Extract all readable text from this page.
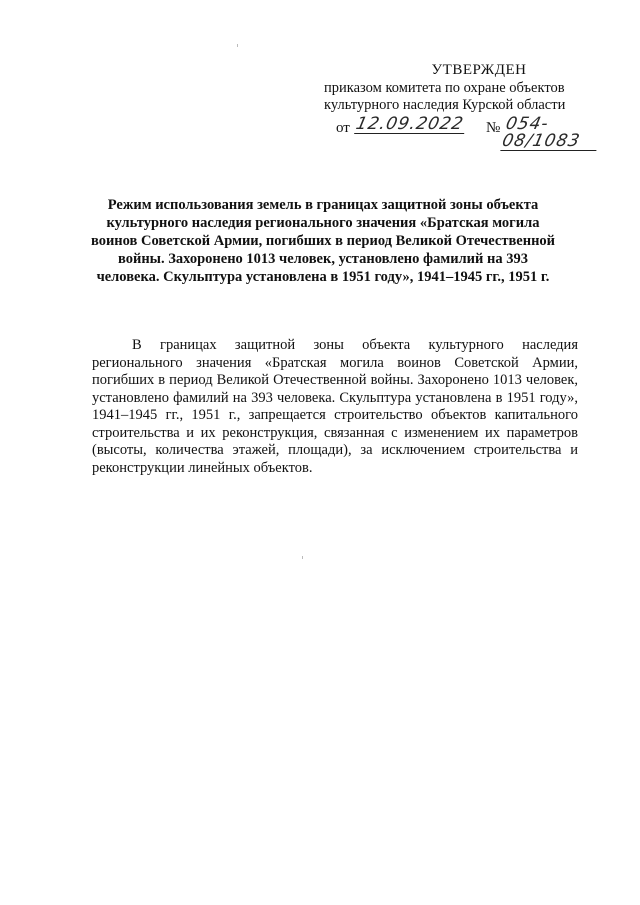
УТВЕРЖДЕН
приказом комитета по охране объектов
культурного наследия Курской области
от 12.09.2022 № 054-08/1083
Режим использования земель в границах защитной зоны объекта культурного наследия регионального значения «Братская могила воинов Советской Армии, погибших в период Великой Отечественной войны. Захоронено 1013 человек, установлено фамилий на 393 человека. Скульптура установлена в 1951 году», 1941–1945 гг., 1951 г.
В границах защитной зоны объекта культурного наследия регионального значения «Братская могила воинов Советской Армии, погибших в период Великой Отечественной войны. Захоронено 1013 человек, установлено фамилий на 393 человека. Скульптура установлена в 1951 году», 1941–1945 гг., 1951 г., запрещается строительство объектов капитального строительства и их реконструкция, связанная с изменением их параметров (высоты, количества этажей, площади), за исключением строительства и реконструкции линейных объектов.
